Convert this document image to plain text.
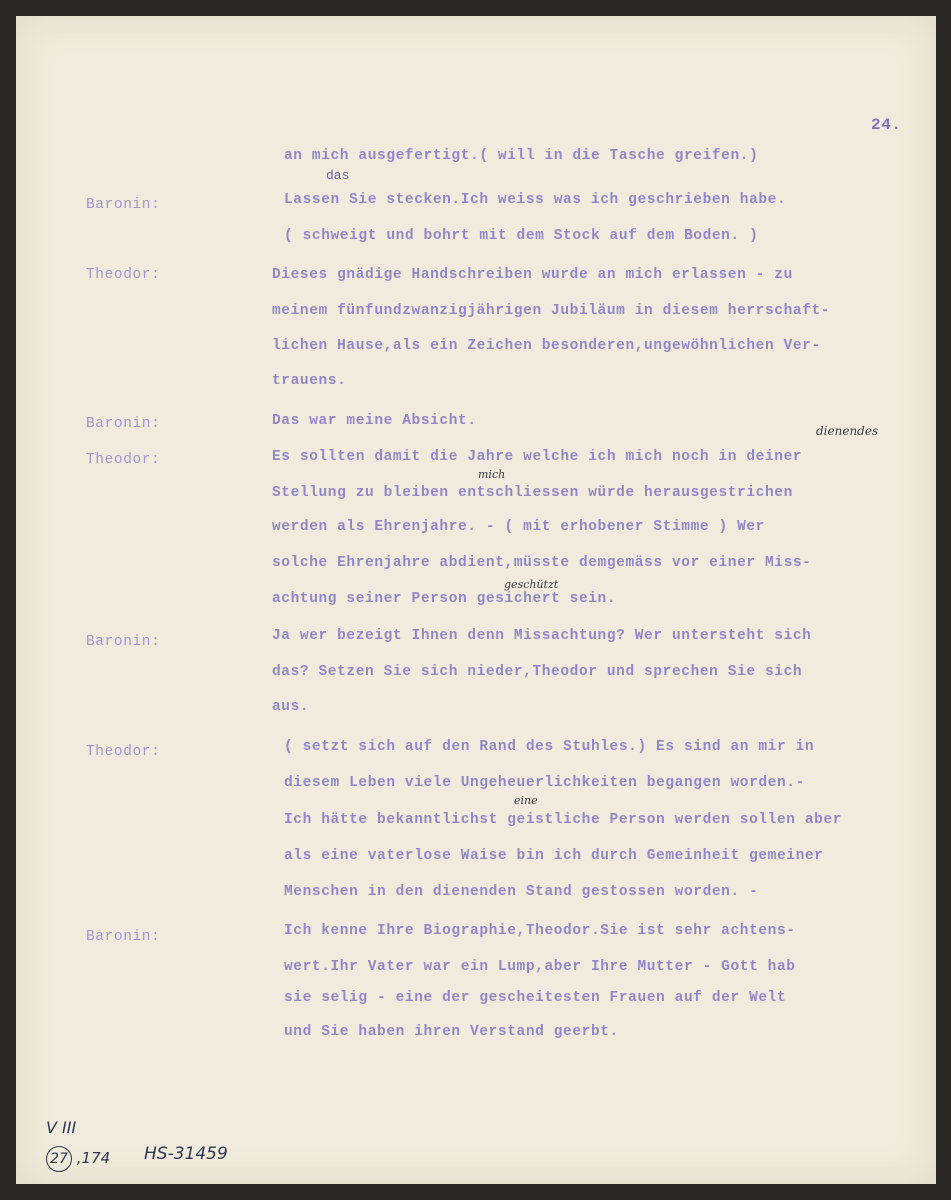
24.
an mich ausgefertigt.( will in die Tasche greifen.)
das
Baronin:	Lassen Sie stecken.Ich weiss was ich geschrieben habe.
( schweigt und bohrt mit dem Stock auf dem Boden. )
Theodor:	Dieses gnädige Handschreiben wurde an mich erlassen - zu
meinem fünfundzwanzigjährigen Jubiläum in diesem herrschaft-
lichen Hause,als ein Zeichen besonderen,ungewöhnlichen Ver-
trauens.
Baronin:	Das war meine Absicht.
Theodor:	Es sollten damit die Jahre welche ich mich noch in deiner
dienendes
mich
Stellung zu bleiben entschliessen würde herausgestrichen
werden als Ehrenjahre. - ( mit erhobener Stimme ) Wer
solche Ehrenjahre abdient,müsste demgemäss vor einer Miss-
achtung seiner Person gesichert sein.
geschützt
Baronin:	Ja wer bezeigt Ihnen denn Missachtung? Wer untersteht sich
das? Setzen Sie sich nieder,Theodor und sprechen Sie sich
aus.
Theodor:	( setzt sich auf den Rand des Stuhles.) Es sind an mir in
diesem Leben viele Ungeheuerlichkeiten begangen worden.-
eine
Ich hätte bekanntlichst geistliche Person werden sollen aber
als eine vaterlose Waise bin ich durch Gemeinheit gemeiner
Menschen in den dienenden Stand gestossen worden. -
Baronin:	Ich kenne Ihre Biographie,Theodor.Sie ist sehr achtens-
wert.Ihr Vater war ein Lump,aber Ihre Mutter - Gott hab
sie selig - eine der gescheitesten Frauen auf der Welt
und Sie haben ihren Verstand geerbt.
V III
27 ,174 HS-31459
